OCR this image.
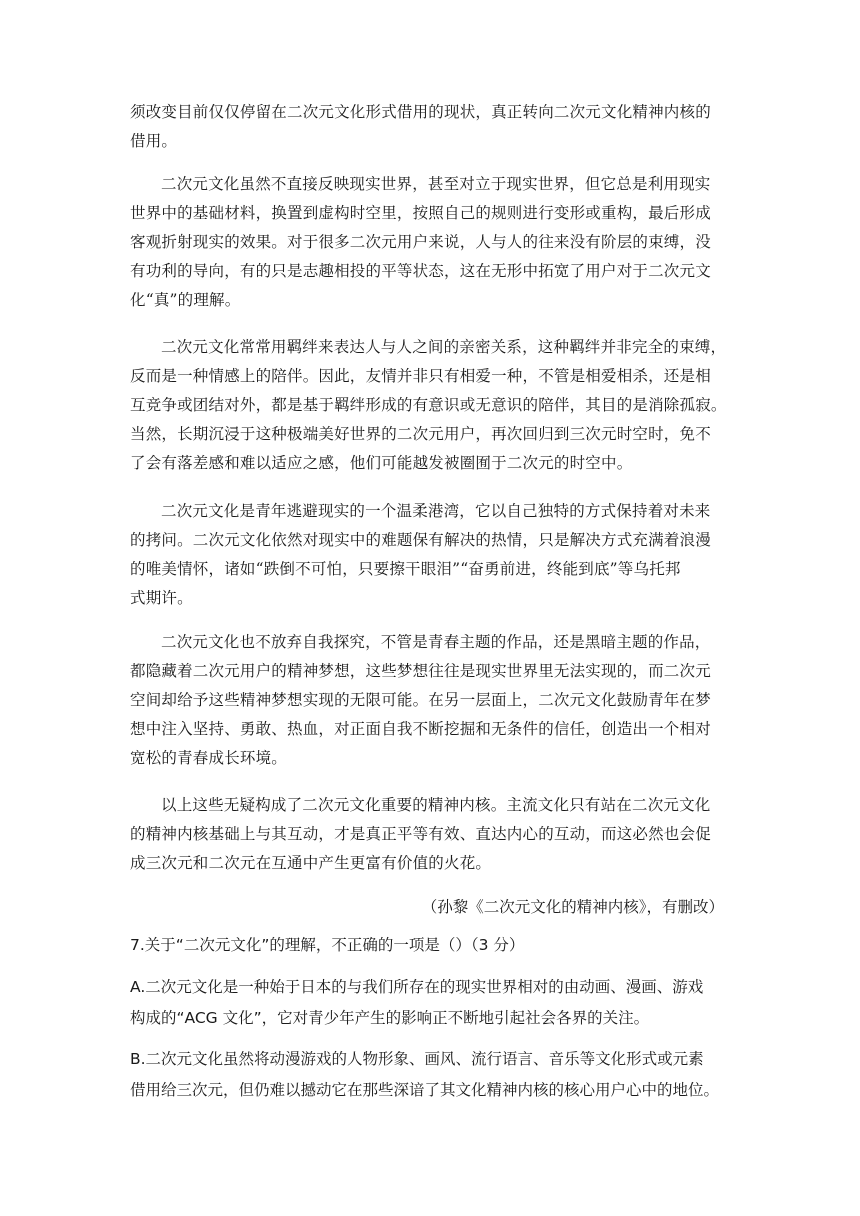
须改变目前仅仅停留在二次元文化形式借用的现状，真正转向二次元文化精神内核的
借用。
二次元文化虽然不直接反映现实世界，甚至对立于现实世界，但它总是利用现实
世界中的基础材料，换置到虚构时空里，按照自己的规则进行变形或重构，最后形成
客观折射现实的效果。对于很多二次元用户来说，人与人的往来没有阶层的束缚，没
有功利的导向，有的只是志趣相投的平等状态，这在无形中拓宽了用户对于二次元文
化“真”的理解。
二次元文化常常用羁绊来表达人与人之间的亲密关系，这种羁绊并非完全的束缚，
反而是一种情感上的陪伴。因此，友情并非只有相爱一种，不管是相爱相杀，还是相
互竞争或团结对外，都是基于羁绊形成的有意识或无意识的陪伴，其目的是消除孤寂。
当然，长期沉浸于这种极端美好世界的二次元用户，再次回归到三次元时空时，免不
了会有落差感和难以适应之感，他们可能越发被圈囿于二次元的时空中。
二次元文化是青年逃避现实的一个温柔港湾，它以自己独特的方式保持着对未来
的拷问。二次元文化依然对现实中的难题保有解决的热情，只是解决方式充满着浪漫
的唯美情怀，诸如“跌倒不可怕，只要擦干眼泪”“奋勇前进，终能到底”等乌托邦
式期许。
二次元文化也不放弃自我探究，不管是青春主题的作品，还是黑暗主题的作品，
都隐藏着二次元用户的精神梦想，这些梦想往往是现实世界里无法实现的，而二次元
空间却给予这些精神梦想实现的无限可能。在另一层面上，二次元文化鼓励青年在梦
想中注入坚持、勇敢、热血，对正面自我不断挖掘和无条件的信任，创造出一个相对
宽松的青春成长环境。
以上这些无疑构成了二次元文化重要的精神内核。主流文化只有站在二次元文化
的精神内核基础上与其互动，才是真正平等有效、直达内心的互动，而这必然也会促
成三次元和二次元在互通中产生更富有价值的火花。
（孙黎《二次元文化的精神内核》，有删改）
7.关于“二次元文化”的理解，不正确的一项是（）（3 分）
A.二次元文化是一种始于日本的与我们所存在的现实世界相对的由动画、漫画、游戏
构成的“ACG 文化”，它对青少年产生的影响正不断地引起社会各界的关注。
B.二次元文化虽然将动漫游戏的人物形象、画风、流行语言、音乐等文化形式或元素
借用给三次元，但仍难以撼动它在那些深谙了其文化精神内核的核心用户心中的地位。
